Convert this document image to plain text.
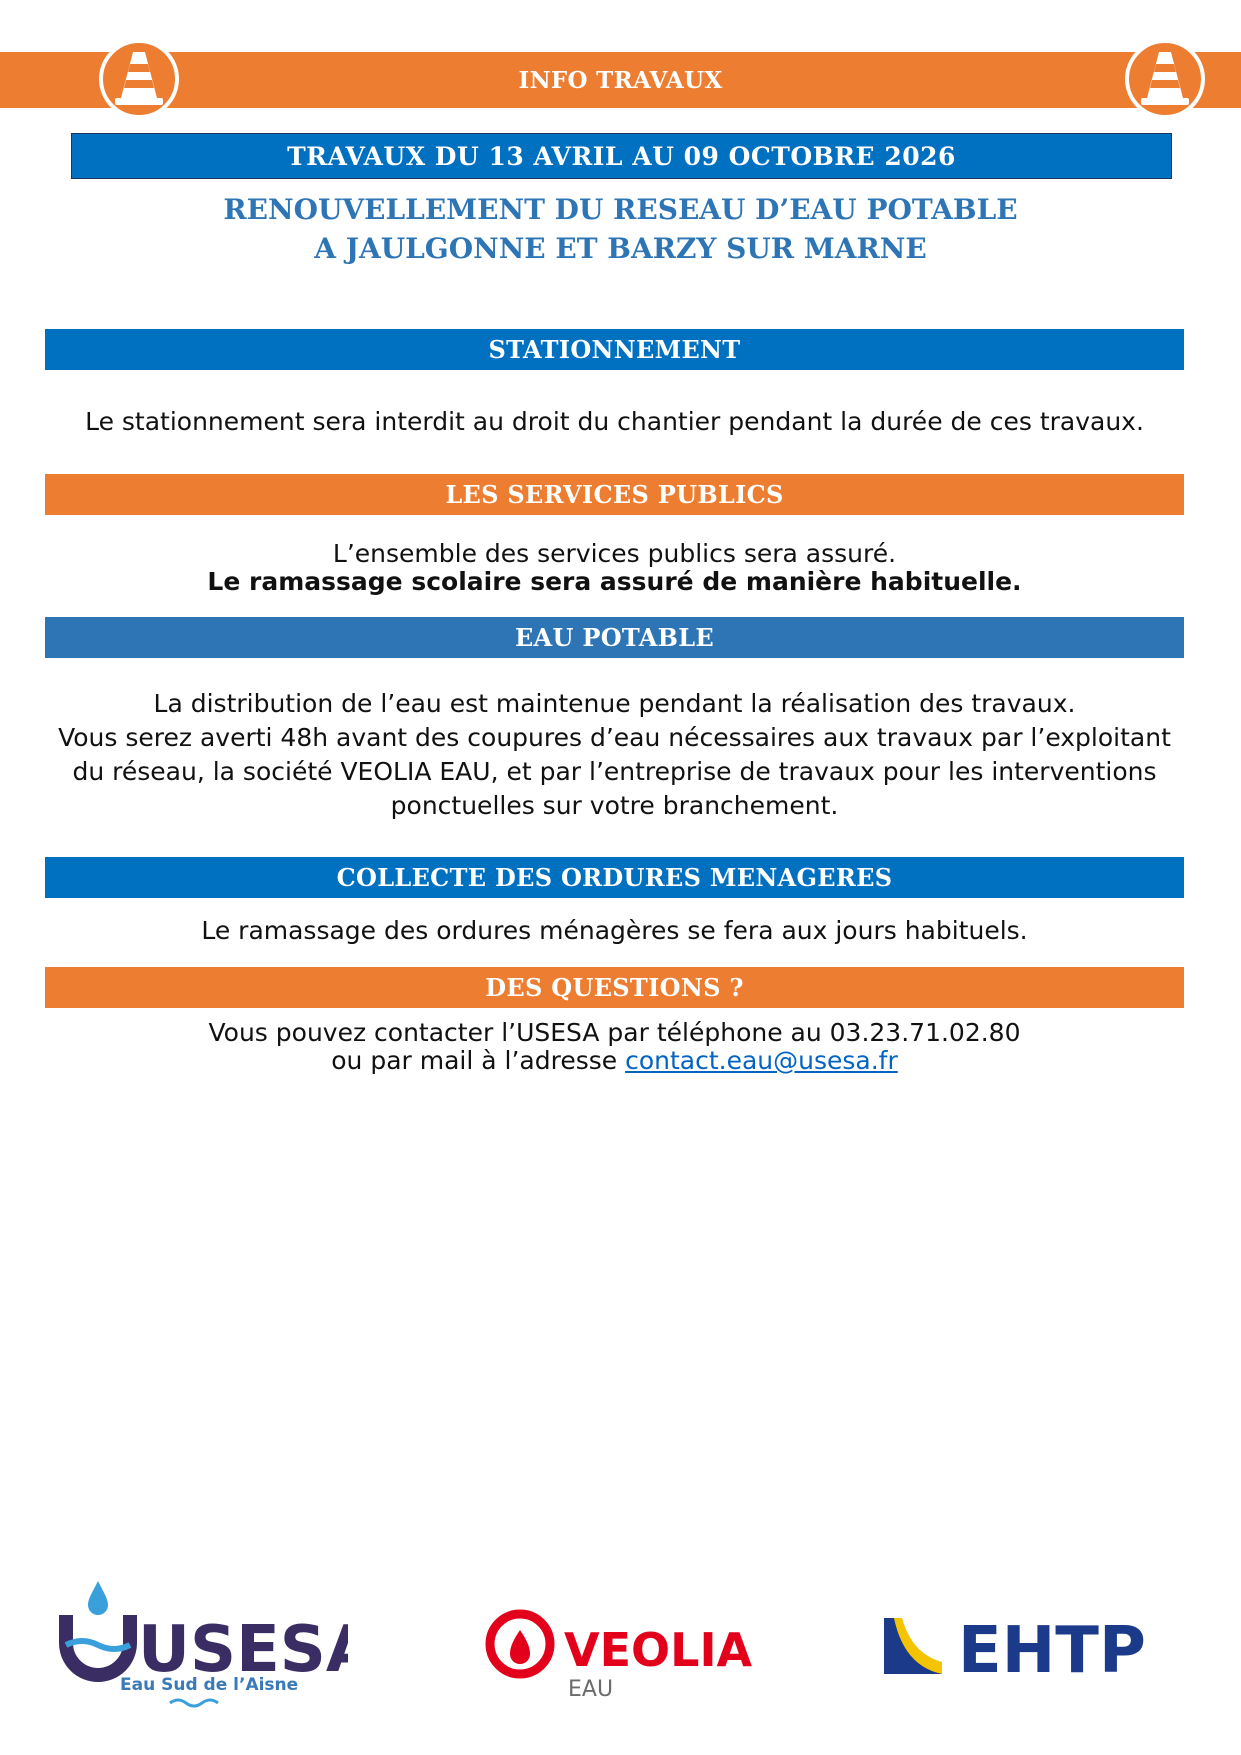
INFO TRAVAUX
TRAVAUX DU 13 AVRIL AU 09 OCTOBRE 2026
RENOUVELLEMENT DU RESEAU D’EAU POTABLE
A JAULGONNE ET BARZY SUR MARNE
STATIONNEMENT
Le stationnement sera interdit au droit du chantier pendant la durée de ces travaux.
LES SERVICES PUBLICS
L’ensemble des services publics sera assuré.
Le ramassage scolaire sera assuré de manière habituelle.
EAU POTABLE
La distribution de l’eau est maintenue pendant la réalisation des travaux.
Vous serez averti 48h avant des coupures d’eau nécessaires aux travaux par l’exploitant
du réseau, la société VEOLIA EAU, et par l’entreprise de travaux pour les interventions
ponctuelles sur votre branchement.
COLLECTE DES ORDURES MENAGERES
Le ramassage des ordures ménagères se fera aux jours habituels.
DES QUESTIONS ?
Vous pouvez contacter l’USESA par téléphone au 03.23.71.02.80
ou par mail à l’adresse contact.eau@usesa.fr
USES
Eau Sud de l’Aisne
VEOLIA
EAU
EHTP
